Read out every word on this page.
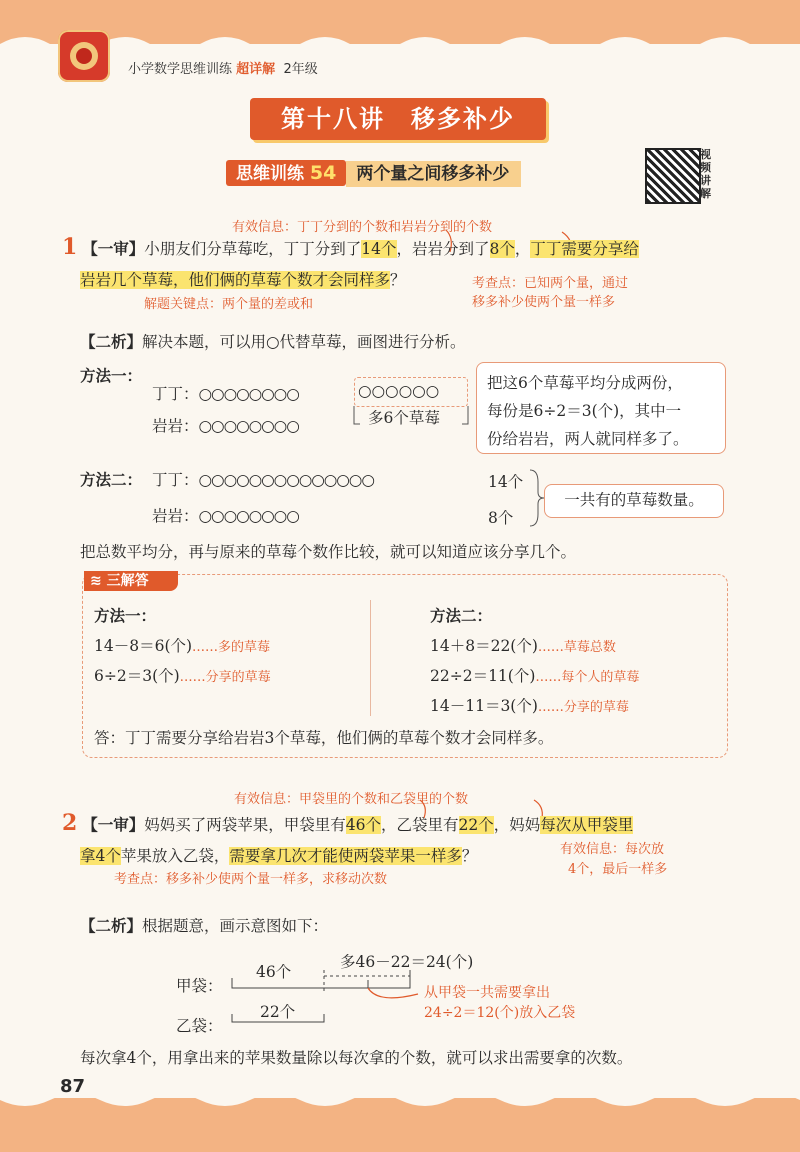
小学数学思维训练 超详解 2年级
第十八讲　移多补少
思维训练 54 两个量之间移多补少
视频讲解
有效信息：丁丁分到的个数和岩岩分到的个数
1 【一审】小朋友们分草莓吃，丁丁分到了14个，岩岩分到了8个，丁丁需要分享给
岩岩几个草莓，他们俩的草莓个数才会同样多？	考查点：已知两个量，通过
移多补少使两个量一样多
解题关键点：两个量的差或和
【二析】解决本题，可以用○代替草莓，画图进行分析。
方法一：
丁丁：○○○○○○○○	○○○○○○
岩岩：○○○○○○○○	多6个草莓
把这6个草莓平均分成两份，
每份是6÷2＝3(个)，其中一
份给岩岩，两人就同样多了。
方法二： 丁丁：○○○○○○○○○○○○○○
岩岩：○○○○○○○○
14个
8个
一共有的草莓数量。
把总数平均分，再与原来的草莓个数作比较，就可以知道应该分享几个。
≋ 三解答
方法一：
14－8＝6(个)……多的草莓
6÷2＝3(个)……分享的草莓
方法二：
14＋8＝22(个)……草莓总数
22÷2＝11(个)……每个人的草莓
14－11＝3(个)……分享的草莓
答：丁丁需要分享给岩岩3个草莓，他们俩的草莓个数才会同样多。
有效信息：甲袋里的个数和乙袋里的个数
2 【一审】妈妈买了两袋苹果，甲袋里有46个，乙袋里有22个，妈妈每次从甲袋里
拿4个苹果放入乙袋，需要拿几次才能使两袋苹果一样多？	有效信息：每次放
4个，最后一样多
考查点：移多补少使两个量一样多，求移动次数
【二析】根据题意，画示意图如下：
甲袋：
乙袋：
46个
22个
多46－22＝24(个)
从甲袋一共需要拿出
24÷2＝12(个)放入乙袋
每次拿4个，用拿出来的苹果数量除以每次拿的个数，就可以求出需要拿的次数。
87
